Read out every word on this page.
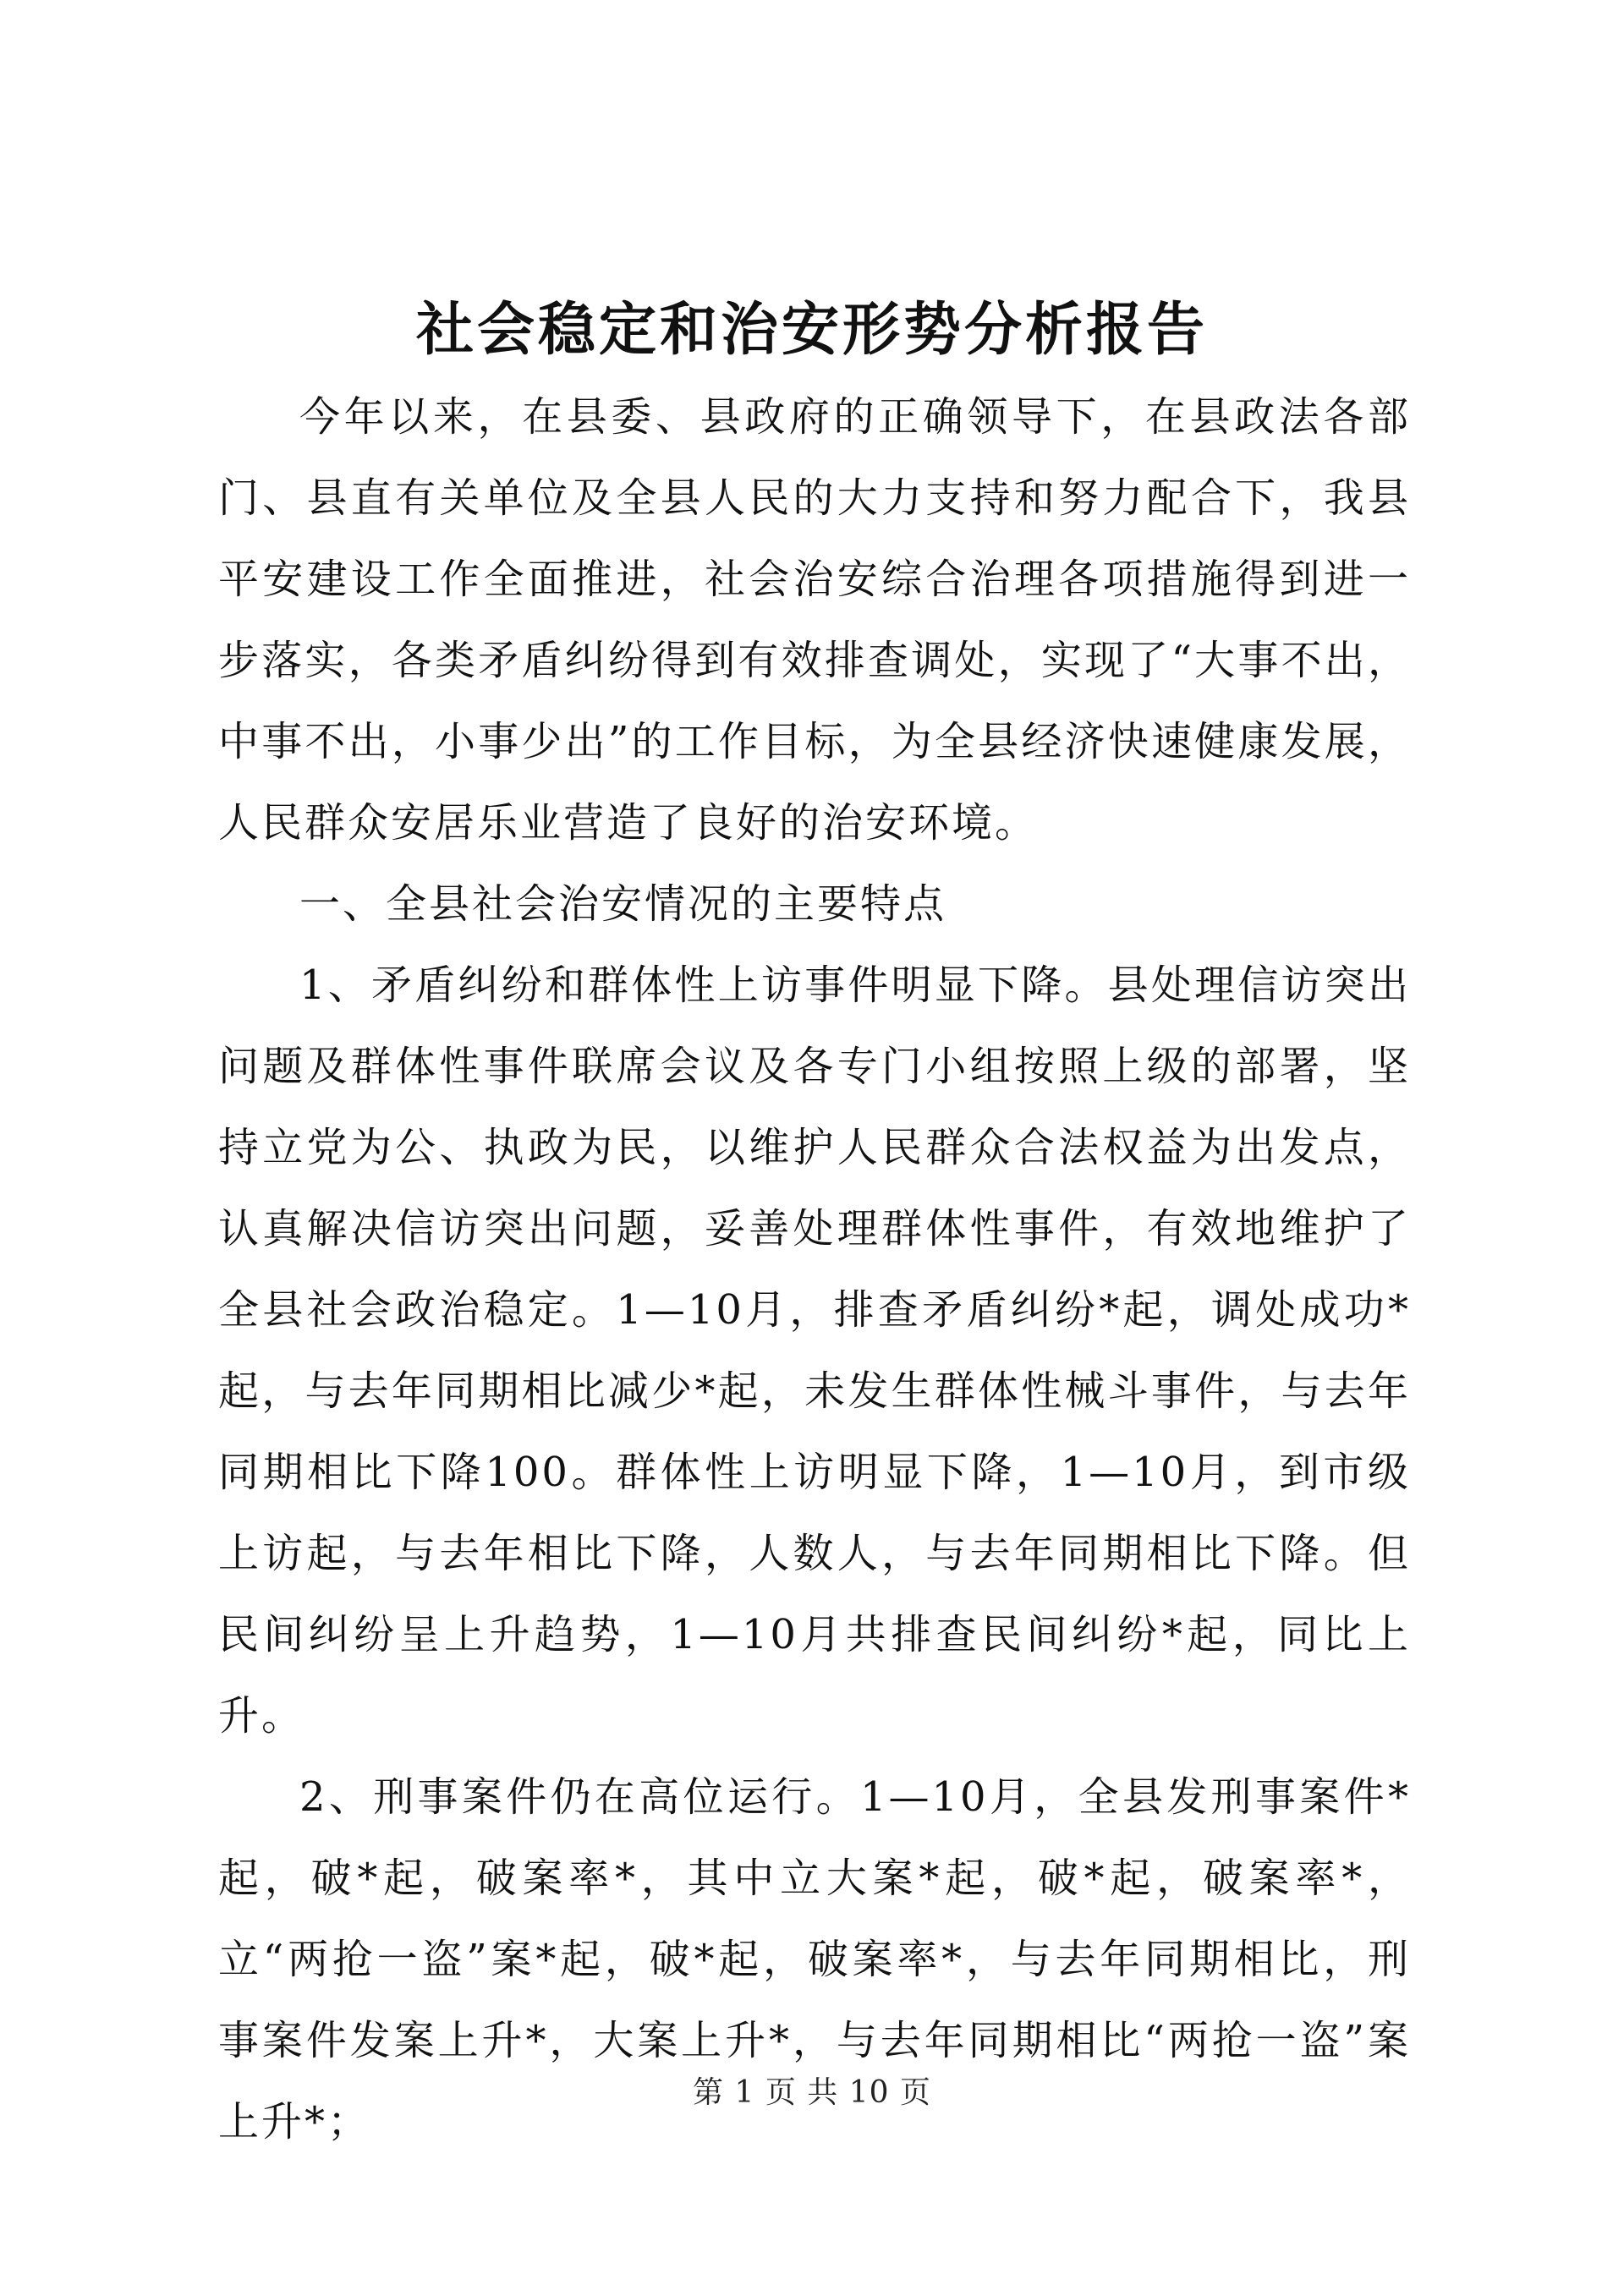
社会稳定和治安形势分析报告

今年以来，在县委、县政府的正确领导下，在县政法各部门、县直有关单位及全县人民的大力支持和努力配合下，我县平安建设工作全面推进，社会治安综合治理各项措施得到进一步落实，各类矛盾纠纷得到有效排查调处，实现了“大事不出，中事不出，小事少出”的工作目标，为全县经济快速健康发展，人民群众安居乐业营造了良好的治安环境。

一、全县社会治安情况的主要特点

1、矛盾纠纷和群体性上访事件明显下降。县处理信访突出问题及群体性事件联席会议及各专门小组按照上级的部署，坚持立党为公、执政为民，以维护人民群众合法权益为出发点，认真解决信访突出问题，妥善处理群体性事件，有效地维护了全县社会政治稳定。1—10月，排查矛盾纠纷*起，调处成功*起，与去年同期相比减少*起，未发生群体性械斗事件，与去年同期相比下降100。群体性上访明显下降，1—10月，到市级上访起，与去年相比下降，人数人，与去年同期相比下降。但民间纠纷呈上升趋势，1—10月共排查民间纠纷*起，同比上升。

2、刑事案件仍在高位运行。1—10月，全县发刑事案件*起，破*起，破案率*，其中立大案*起，破*起，破案率*，立“两抢一盗”案*起，破*起，破案率*，与去年同期相比，刑事案件发案上升*，大案上升*，与去年同期相比“两抢一盗”案上升*；

第 1 页 共 10 页
